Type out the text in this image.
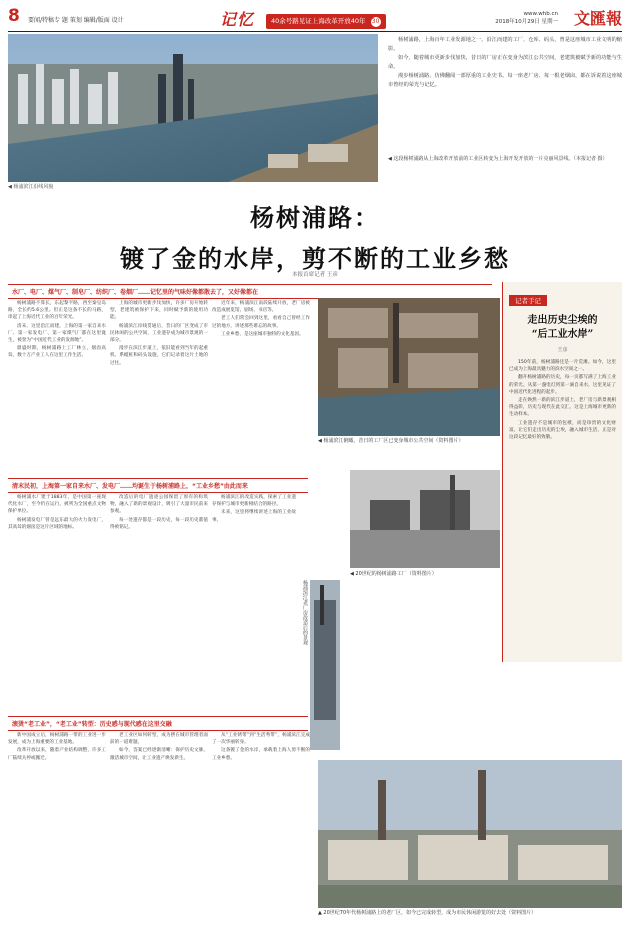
8 要闻/特稿专 题 策划 编辑/版面 设计	记忆	40余号路见证上海改革开放40年 30
www.whb.cn
2018年10月29日 星期一 文匯報
◀ 杨浦滨江沿线风貌

杨树浦路，上海百年工业发源地之一。沿江而建的工厂、仓库、码头，曾是这座城市工业文明的缩影。

如今，随着城市更新步伐加快，昔日的厂房正在变身为滨江公共空间，老建筑被赋予新的功能与生命。

漫步杨树浦路，仿佛翻阅一部厚重的工业史书。每一座老厂房、每一根老烟囱，都在诉说着这座城市曾经的荣光与记忆。

◀ 这段杨树浦路从上海改革开放前的工业区转变为上海开发开放的一片亮丽风景线。（本报记者 摄）
杨树浦路：
镀了金的水岸，剪不断的工业乡愁
本报首席记者 王彦
水厂、电厂、煤气厂、制皂厂、纺织厂、卷烟厂……记忆里的气味好像都散去了，又好像都在

杨树浦路不算长，东起黎平路，西至秦皇岛路，全长约5.6公里。但正是这条不长的马路，串起了上海近代工业的百年荣光。

清末，这里沿江而建，上海的第一家自来水厂、第一家发电厂、第一家煤气厂都在这里诞生，被誉为“中国近代工业的发源地”。

鼎盛时期，杨树浦路上工厂林立，烟囱高耸，数十万产业工人在这里工作生活。

上海的城市更新步伐加快，许多厂房开始转型，老建筑被保护下来，同时赋予新的使用功能。

杨浦滨江岸线贯通后，昔日的厂区变成了市民休闲的公共空间，工业遗存成为城市景观的一部分。

漫步在滨江步道上，依旧能看到当年的起重机、系缆桩和码头设施，它们记录着这片土地的过往。

近年来，杨浦滨江南段陆续开放，老厂房被改造成展览馆、剧场、书店等。

老工人们常会回到这里，看看自己曾经工作过的地方，讲述那些难忘的故事。

工业乡愁，是这座城市独特的文化基因。

清末民初，上海第一家自来水厂、发电厂……均诞生于杨树浦路上，“工业乡愁”由此而来

杨树浦水厂建于1883年，是中国第一座现代化水厂，至今仍在运行，被列为全国重点文物保护单位。

杨树浦发电厂曾是远东最大的火力发电厂，其高耸的烟囱是这片区域的地标。

改造后的电厂遗迹公园保留了原有的构筑物，融入了新的景观设计，吸引了大量市民前来参观。

每一处遗存都是一段历史，每一段历史都值得被铭记。

杨浦滨江的改造实践，探索了工业遗存保护与城市更新相结合的路径。

未来，这里将继续讲述上海的工业故事。

滚烫“老工业”，“老工业”转型：历史感与现代感在这里交融

新中国成立后，杨树浦路一带的工业进一步发展，成为上海重要的工业基地。

改革开放以来，随着产业结构调整，许多工厂陆续关停或搬迁。

老工业区如何转型，成为摆在城市管理者面前的一道难题。

如今，答案已经逐渐清晰：保护历史文脉，激活城市空间，让工业遗产焕发新生。

从“工业锈带”到“生活秀带”，杨浦滨江完成了一次华丽转身。

这条镀了金的水岸，承载着上海人剪不断的工业乡愁。

◀ 杨浦滨江俯瞰，昔日的工厂区已变身城市公共空间（资料图片）
◀ 20世纪的杨树浦路工厂（资料图片）
杨浦滨江老厂房改造后的景观
记者手记
走出历史尘埃的
“后工业水岸”
王彦

150年前，杨树浦路还是一片荒滩。如今，这里已成为上海最具魅力的滨水空间之一。

翻开杨树浦路的历史，每一页都写满了上海工业的荣光。从第一盏电灯到第一滴自来水，这里见证了中国近代化进程的起步。

走在焕然一新的滨江步道上，老厂房与新景观相得益彰，历史与现代在此交汇。这是上海城市更新的生动样本。

工业遗存不是城市的包袱，而是珍贵的文化财富。让它们走出历史的尘埃，融入城市生活，正是对这段记忆最好的致敬。

▲ 20世纪70年代杨树浦路上的老厂区，如今已完成转型，成为市民休闲游览的好去处（资料图片）
